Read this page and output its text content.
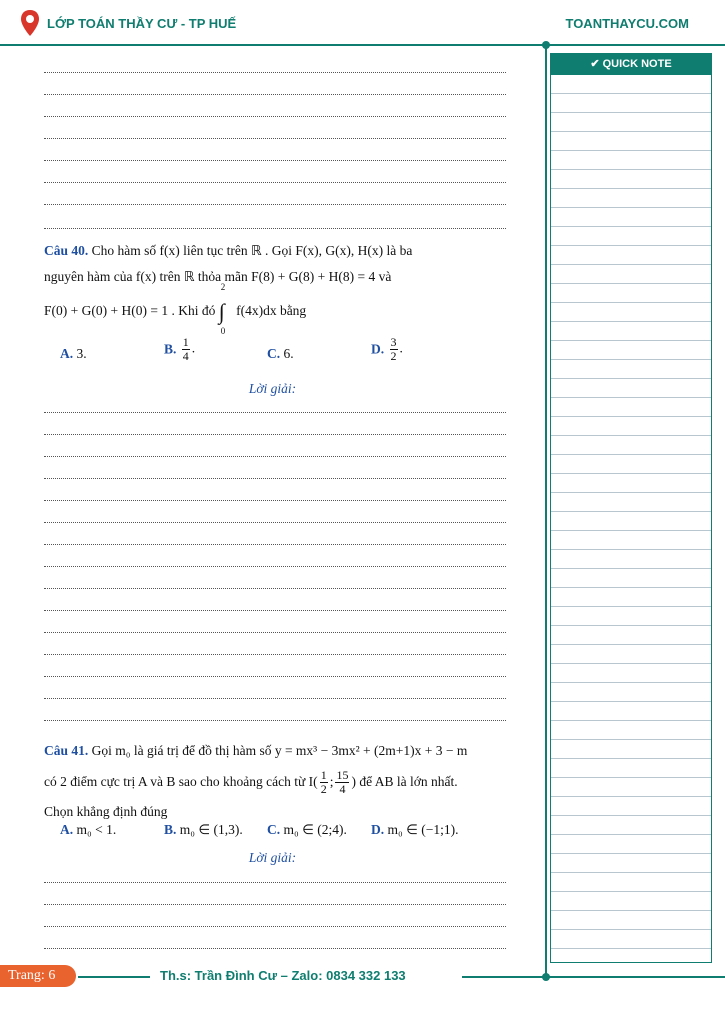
LỚP TOÁN THẦY CƯ - TP HUẾ	TOANTHAYCU.COM
✔ QUICK NOTE
Câu 40. Cho hàm số f(x) liên tục trên ℝ . Gọi F(x), G(x), H(x) là ba
nguyên hàm của f(x) trên ℝ thỏa mãn F(8) + G(8) + H(8) = 4 và
F(0) + G(0) + H(0) = 1 . Khi đó
2
∫
0
f(4x)dx bằng
A. 3.	B. $\frac{1}{4}$ .	C. 6.	D. $\frac{3}{2}$ .
Lời giải:
Câu 41. Gọi m₀ là giá trị để đồ thị hàm số y = mx³ − 3mx² + (2m+1)x + 3 − m
có 2 điểm cực trị A và B sao cho khoảng cách từ $I( \frac{1}{2}$ ; $\frac{15}{4}$ ) để AB là lớn nhất.
Chọn khẳng định đúng
A. m₀ < 1.	B. m₀ ∈ (1,3). C. m₀ ∈ (2;4). D. m₀ ∈ (−1;1).
Lời giải:
Trang: 6	Th.s: Trần Đình Cư – Zalo: 0834 332 133
